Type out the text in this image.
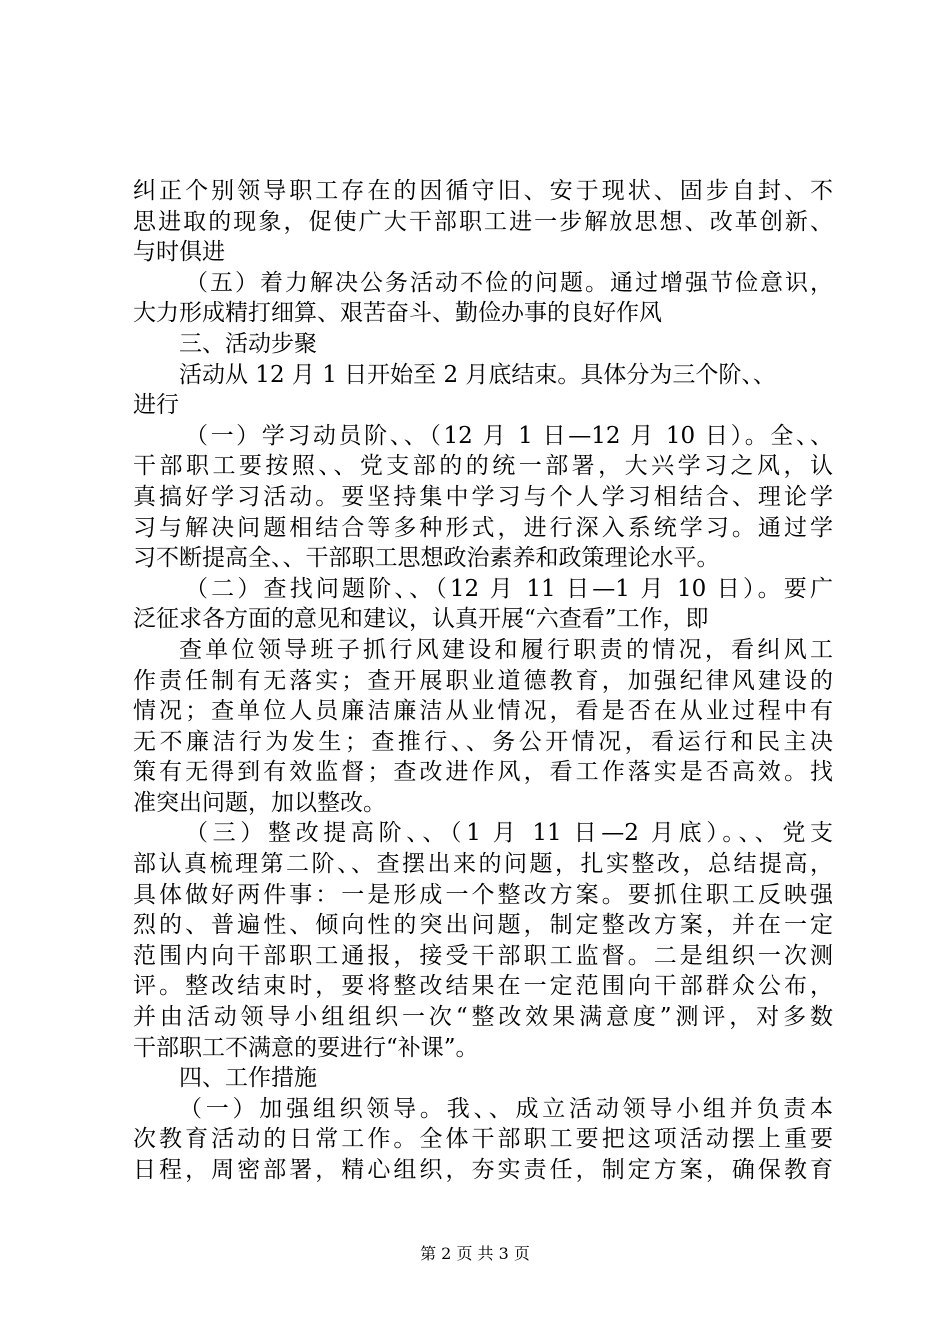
纠正个别领导职工存在的因循守旧、安于现状、固步自封、不
思进取的现象，促使广大干部职工进一步解放思想、改革创新、
与时俱进
（五）着力解决公务活动不俭的问题。通过增强节俭意识，
大力形成精打细算、艰苦奋斗、勤俭办事的良好作风
三、活动步聚
活动从 12 月 1 日开始至 2 月底结束。具体分为三个阶、、
进行
（一）学习动员阶、、（12 月 1 日—12 月 10 日）。全、、
干部职工要按照、、党支部的的统一部署，大兴学习之风，认
真搞好学习活动。要坚持集中学习与个人学习相结合、理论学
习与解决问题相结合等多种形式，进行深入系统学习。通过学
习不断提高全、、干部职工思想政治素养和政策理论水平。
（二）查找问题阶、、（12 月 11 日—1 月 10 日）。要广
泛征求各方面的意见和建议，认真开展“六查看”工作，即
查单位领导班子抓行风建设和履行职责的情况，看纠风工
作责任制有无落实；查开展职业道德教育，加强纪律风建设的
情况；查单位人员廉洁廉洁从业情况，看是否在从业过程中有
无不廉洁行为发生；查推行、、务公开情况，看运行和民主决
策有无得到有效监督；查改进作风，看工作落实是否高效。找
准突出问题，加以整改。
（三）整改提高阶、、（1 月 11 日—2 月底）。、、党支
部认真梳理第二阶、、查摆出来的问题，扎实整改，总结提高，
具体做好两件事：一是形成一个整改方案。要抓住职工反映强
烈的、普遍性、倾向性的突出问题，制定整改方案，并在一定
范围内向干部职工通报，接受干部职工监督。二是组织一次测
评。整改结束时，要将整改结果在一定范围向干部群众公布，
并由活动领导小组组织一次“整改效果满意度”测评，对多数
干部职工不满意的要进行“补课”。
四、工作措施
（一）加强组织领导。我、、成立活动领导小组并负责本
次教育活动的日常工作。全体干部职工要把这项活动摆上重要
日程，周密部署，精心组织，夯实责任，制定方案，确保教育
第 2 页 共 3 页
